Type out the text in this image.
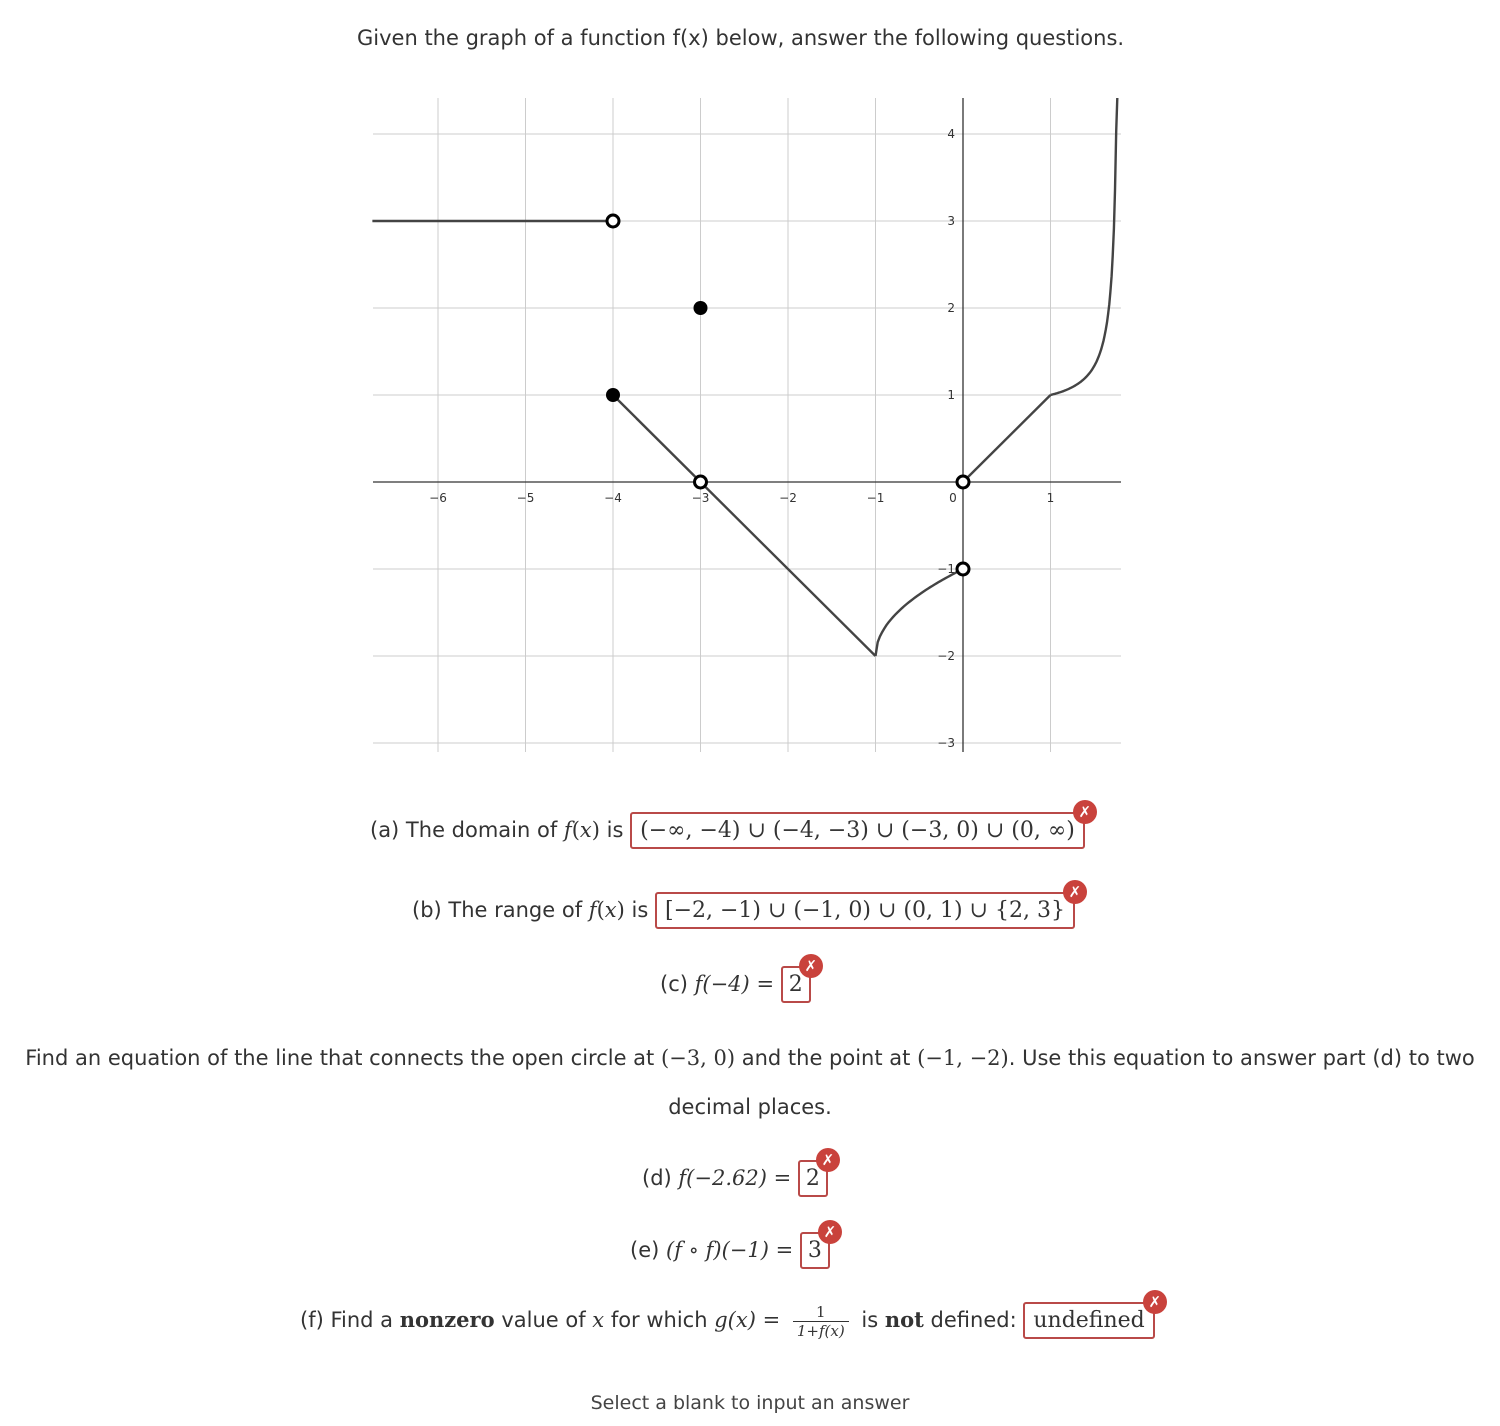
Given the graph of a function f(x) below, answer the following questions.
−6	−5	−4	−3	−2	−1	0	1
4
3
2
1
−1
−2
−3
(a) The domain of f(x) is (−∞, −4) ∪ (−4, −3) ∪ (−3, 0) ∪ (0, ∞)
✗
(b) The range of f(x) is [−2, −1) ∪ (−1, 0) ∪ (0, 1) ∪ {2, 3}
✗
(c) f(−4) = 2
✗
Find an equation of the line that connects the open circle at (−3, 0) and the point at (−1, −2). Use this equation to answer part (d) to two
decimal places.
(d) f(−2.62) = 2
✗
(e) (f ∘ f)(−1) = 3
✗
(f) Find a nonzero value of x for which $g(x) = \frac{1}{1+f(x)}$ is not defined: undefined
✗
Select a blank to input an answer
